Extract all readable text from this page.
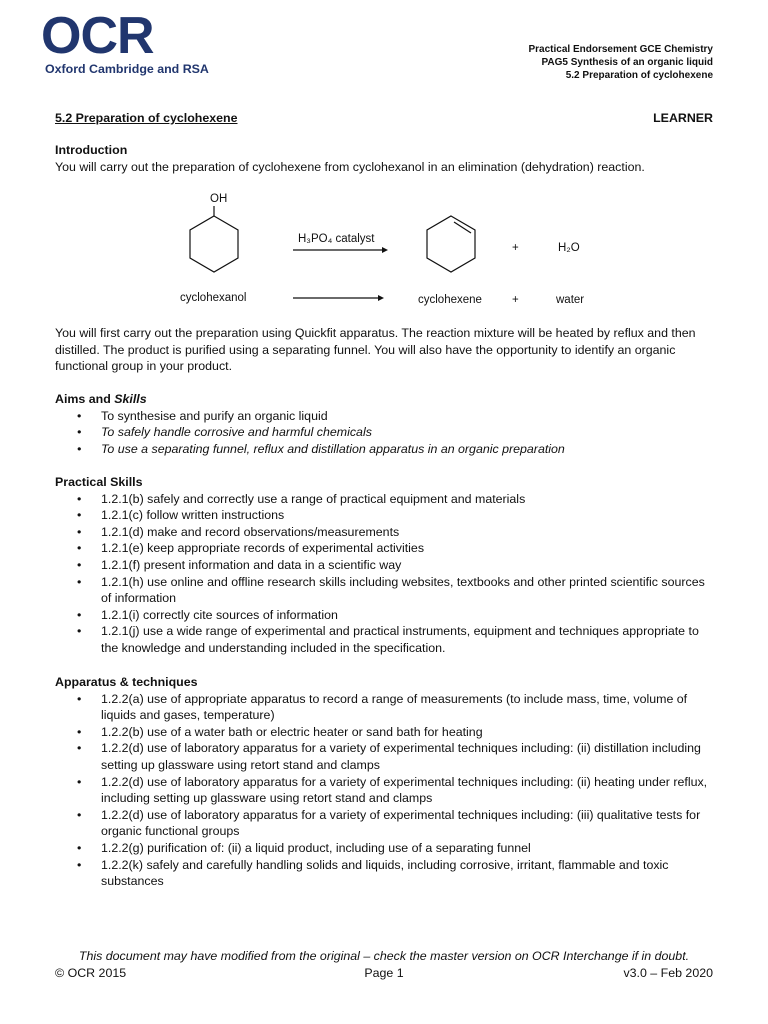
OCR
Oxford Cambridge and RSA
Practical Endorsement GCE Chemistry
PAG5 Synthesis of an organic liquid
5.2 Preparation of cyclohexene
5.2 Preparation of cyclohexene	LEARNER
Introduction

You will carry out the preparation of cyclohexene from cyclohexanol in an elimination (dehydration) reaction.

OH
H₃PO₄ catalyst
+	H₂O
cyclohexanol	cyclohexene	+	water

You will first carry out the preparation using Quickfit apparatus. The reaction mixture will be heated by reflux and then distilled. The product is purified using a separating funnel. You will also have the opportunity to identify an organic functional group in your product.

Aims and Skills
• To synthesise and purify an organic liquid
• To safely handle corrosive and harmful chemicals
• To use a separating funnel, reflux and distillation apparatus in an organic preparation
Practical Skills
• 1.2.1(b) safely and correctly use a range of practical equipment and materials
• 1.2.1(c) follow written instructions
• 1.2.1(d) make and record observations/measurements
• 1.2.1(e) keep appropriate records of experimental activities
• 1.2.1(f) present information and data in a scientific way
• 1.2.1(h) use online and offline research skills including websites, textbooks and other printed scientific sources of information
• 1.2.1(i) correctly cite sources of information
• 1.2.1(j) use a wide range of experimental and practical instruments, equipment and techniques appropriate to the knowledge and understanding included in the specification.
Apparatus & techniques
• 1.2.2(a) use of appropriate apparatus to record a range of measurements (to include mass, time, volume of liquids and gases, temperature)
• 1.2.2(b) use of a water bath or electric heater or sand bath for heating
• 1.2.2(d) use of laboratory apparatus for a variety of experimental techniques including: (ii) distillation including setting up glassware using retort stand and clamps
• 1.2.2(d) use of laboratory apparatus for a variety of experimental techniques including: (ii) heating under reflux, including setting up glassware using retort stand and clamps
• 1.2.2(d) use of laboratory apparatus for a variety of experimental techniques including: (iii) qualitative tests for organic functional groups
• 1.2.2(g) purification of: (ii) a liquid product, including use of a separating funnel
• 1.2.2(k) safely and carefully handling solids and liquids, including corrosive, irritant, flammable and toxic substances
This document may have modified from the original – check the master version on OCR Interchange if in doubt.
© OCR 2015	Page 1	v3.0 – Feb 2020
